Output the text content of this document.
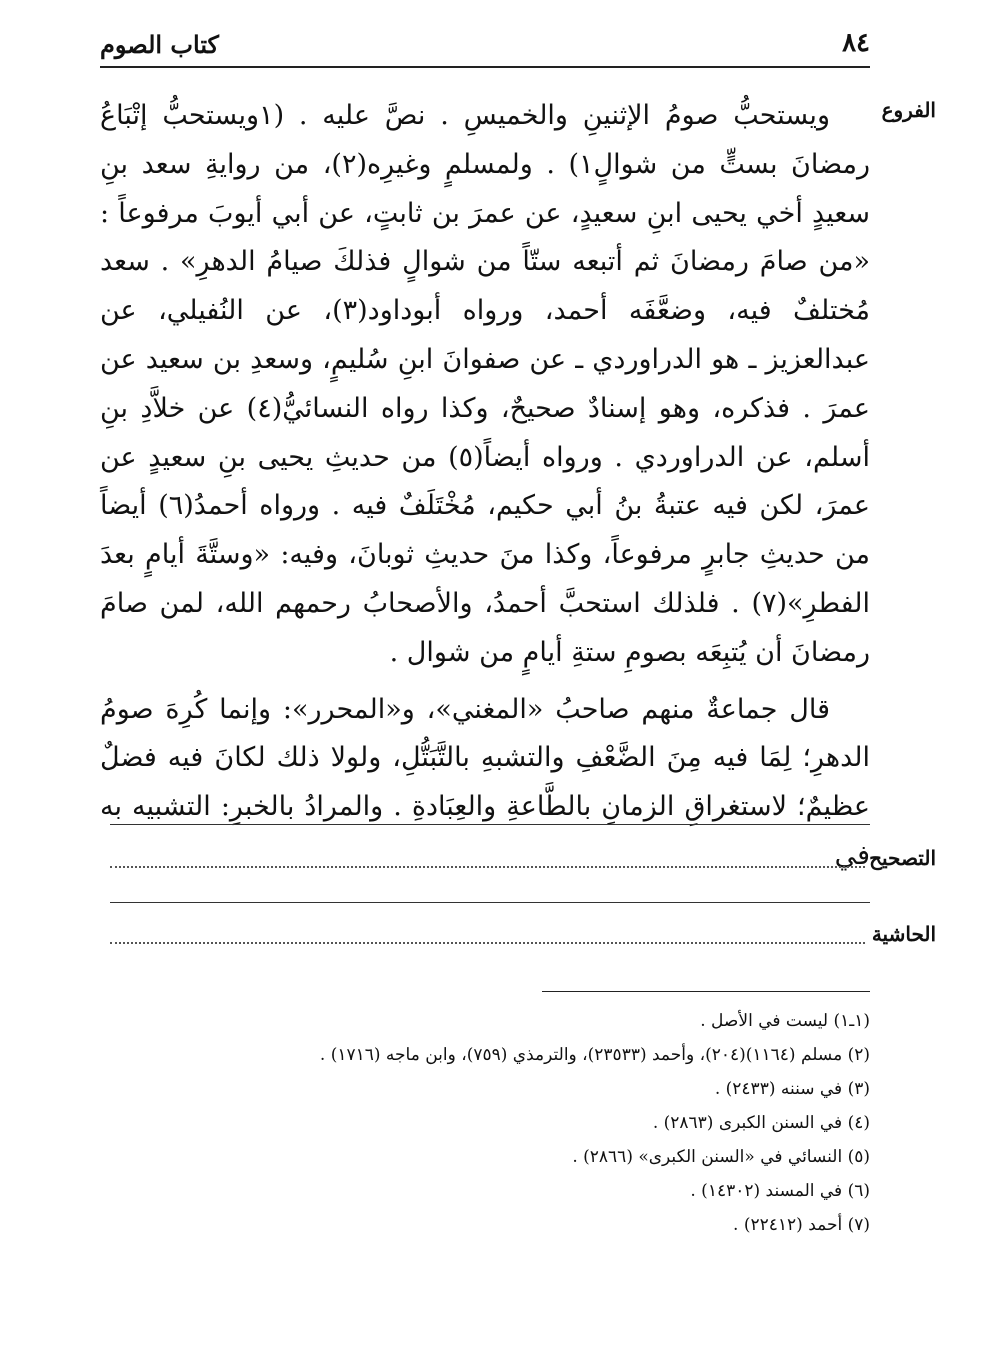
٨٤
كتاب الصوم
الفروع
التصحيح
الحاشية

ويستحبُّ صومُ الإثنينِ والخميسِ . نصَّ عليه . (١ويستحبُّ إتْبَاعُ رمضانَ بستٍّ من شوالٍ١) . ولمسلمٍ وغيرِه(٢)، من روايةِ سعد بنِ سعيدٍ أخي يحيى ابنِ سعيدٍ، عن عمرَ بن ثابتٍ، عن أبي أيوبَ مرفوعاً : «من صامَ رمضانَ ثم أتبعه ستّاً من شوالٍ فذلكَ صيامُ الدهرِ» . سعد مُختلفٌ فيه، وضعَّفَه أحمد، ورواه أبوداود(٣)، عن النُفيلي، عن عبدالعزيز ـ هو الدراوردي ـ عن صفوانَ ابنِ سُليمٍ، وسعدِ بن سعيد عن عمرَ . فذكره، وهو إسنادٌ صحيحٌ، وكذا رواه النسائيُّ(٤) عن خلاَّدِ بنِ أسلم، عن الدراوردي . ورواه أيضاً(٥) من حديثِ يحيى بنِ سعيدٍ عن عمرَ، لكن فيه عتبةُ بنُ أبي حكيم، مُخْتَلَفٌ فيه . ورواه أحمدُ(٦) أيضاً من حديثِ جابرٍ مرفوعاً، وكذا منَ حديثِ ثوبانَ، وفيه: «وستَّةَ أيامٍ بعدَ الفطرِ»(٧) . فلذلك استحبَّ أحمدُ، والأصحابُ رحمهم الله، لمن صامَ رمضانَ أن يُتبِعَه بصومِ ستةِ أيامٍ من شوال .

قال جماعةٌ منهم صاحبُ «المغني»، و«المحرر»: وإنما كُرِهَ صومُ الدهرِ؛ لِمَا فيه مِنَ الضَّعْفِ والتشبهِ بالتَّبَتُّلِ، ولولا ذلك لكانَ فيه فضلٌ عظيمٌ؛ لاستغراقِ الزمانِ بالطَّاعةِ والعِبَادةِ . والمرادُ بالخبرِ: التشبيه به في

(١ـ١) ليست في الأصل .

(٢) مسلم (١١٦٤)(٢٠٤)، وأحمد (٢٣٥٣٣)، والترمذي (٧٥٩)، وابن ماجه (١٧١٦) .

(٣) في سننه (٢٤٣٣) .

(٤) في السنن الكبرى (٢٨٦٣) .

(٥) النسائي في «السنن الكبرى» (٢٨٦٦) .

(٦) في المسند (١٤٣٠٢) .

(٧) أحمد (٢٢٤١٢) .
